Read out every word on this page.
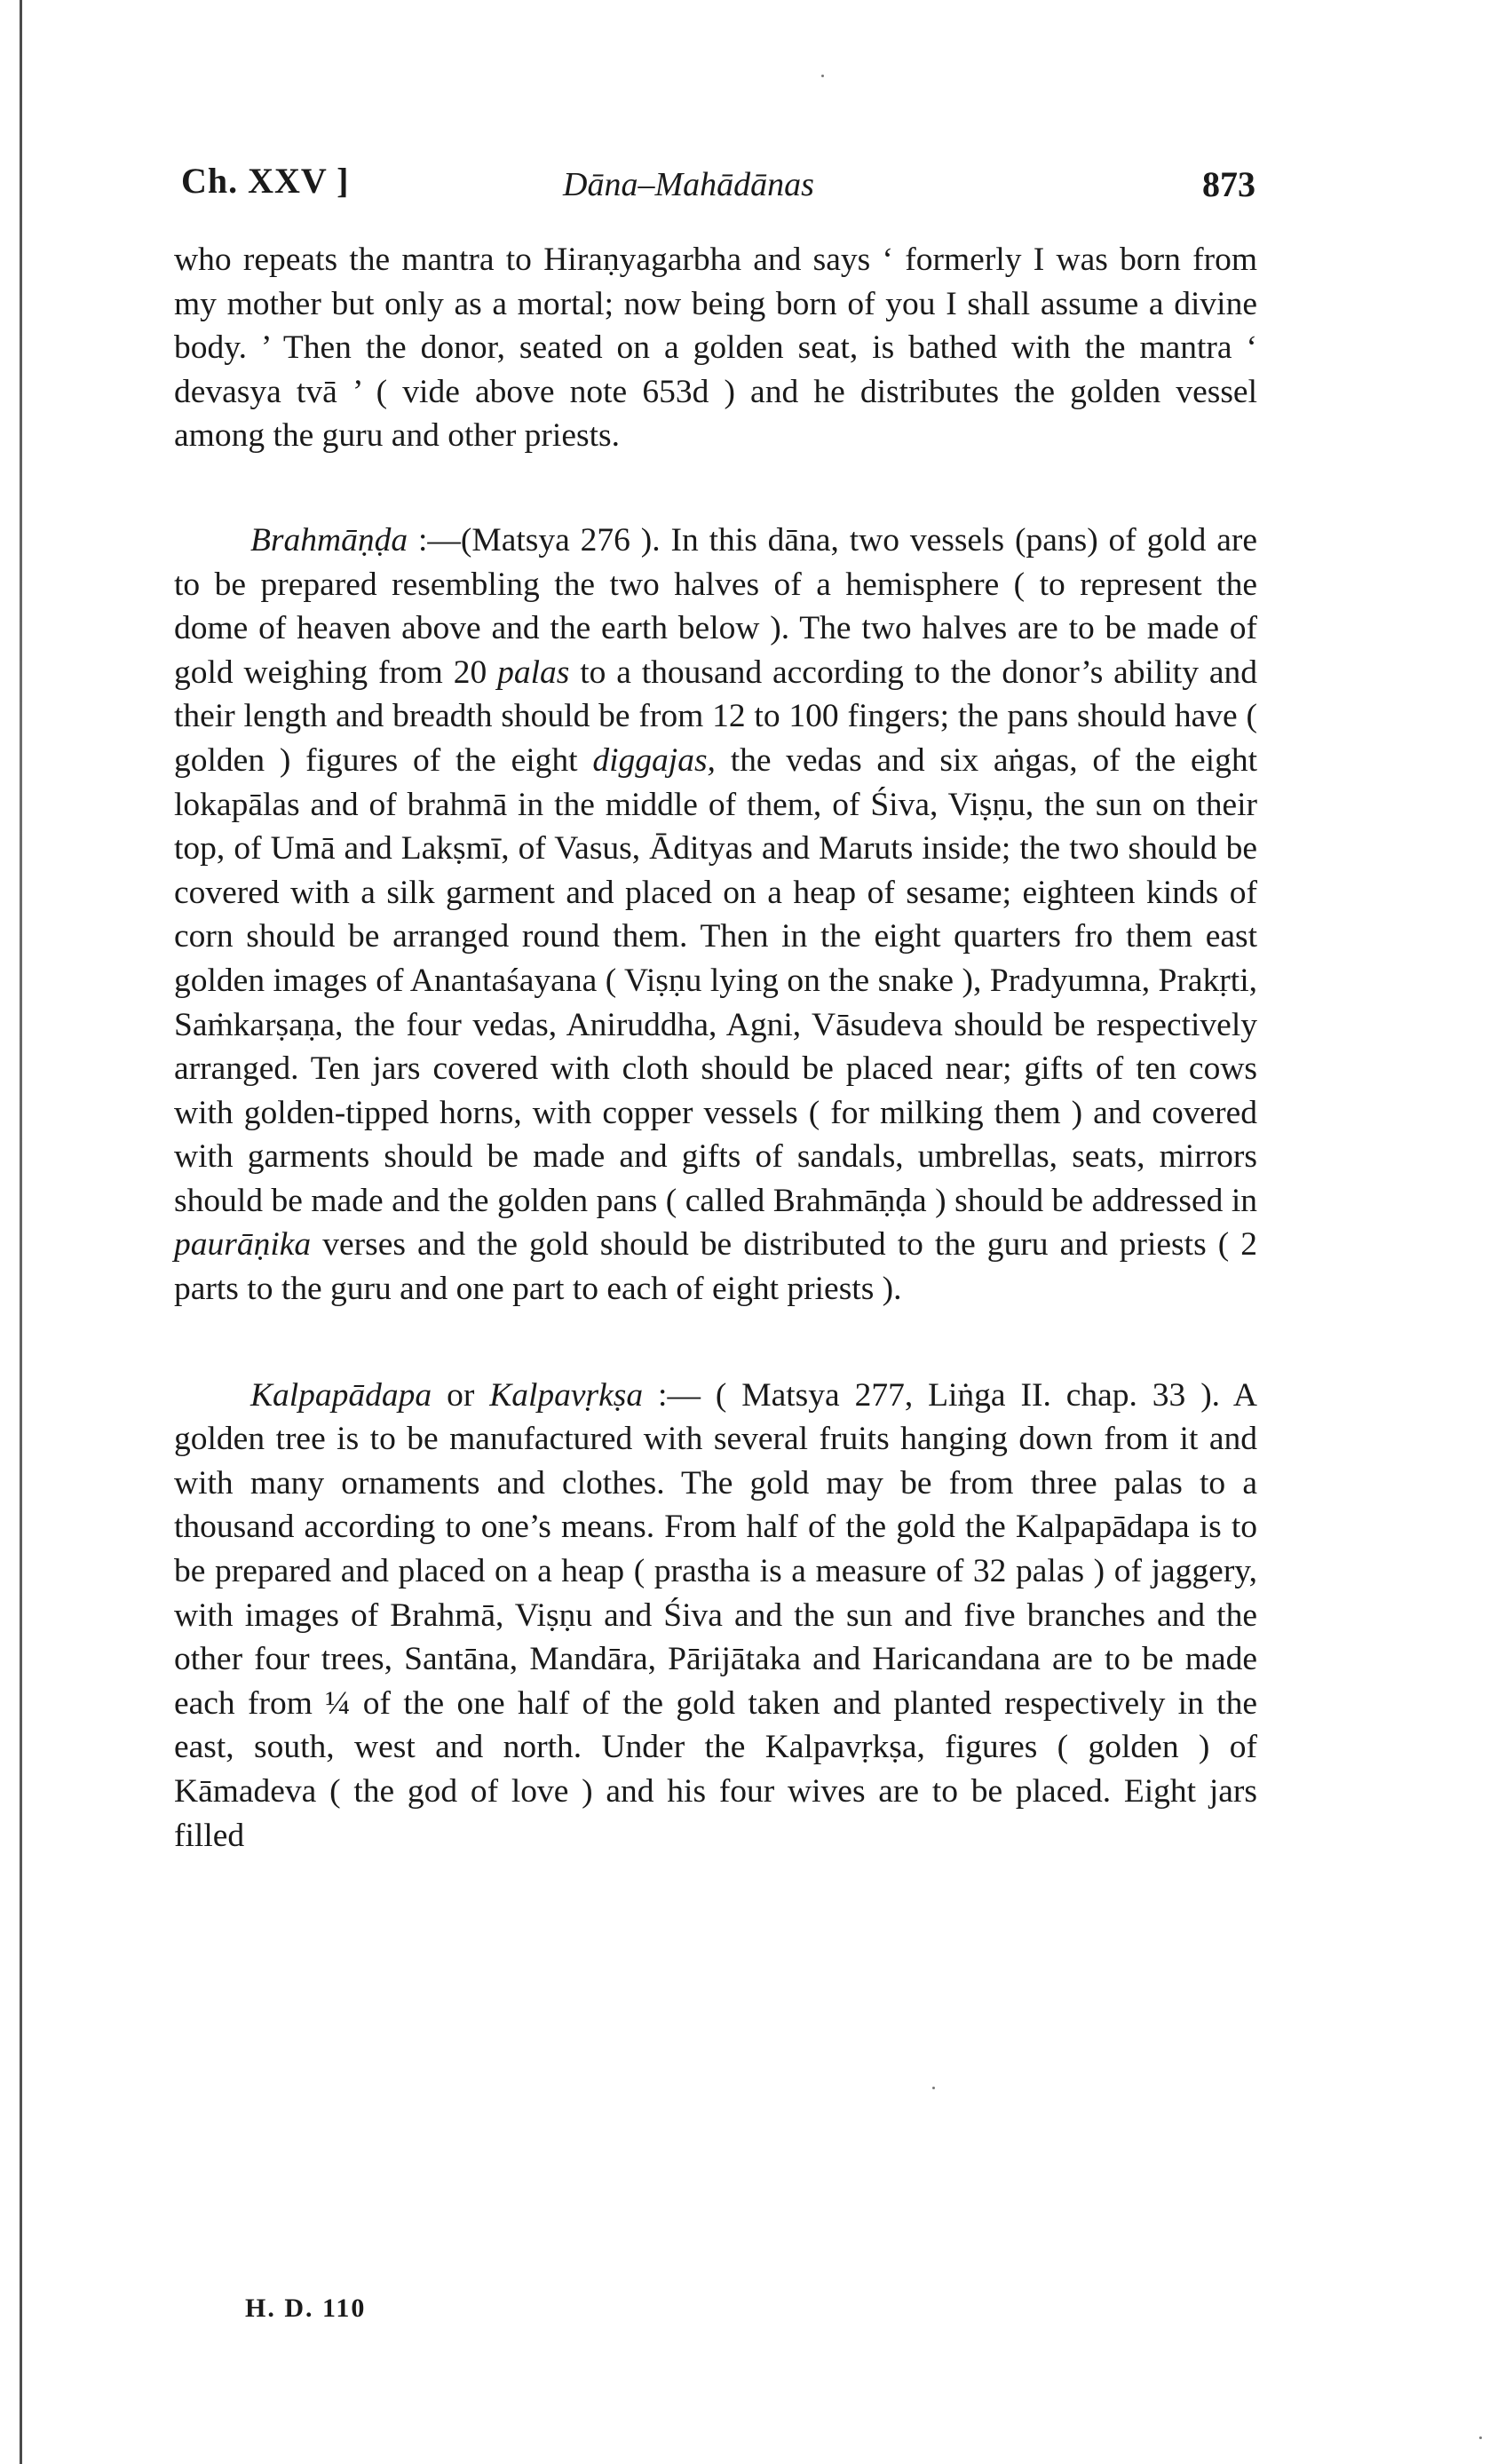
Ch. XXV ]	Dāna–Mahādānas	873

who repeats the mantra to Hiraṇyagarbha and says ‘ formerly I was born from my mother but only as a mortal; now being born of you I shall assume a divine body. ’ Then the donor, seated on a golden seat, is bathed with the mantra ‘ devasya tvā ’ ( vide above note 653d ) and he distributes the golden vessel among the guru and other priests.

Brahmāṇḍa :—(Matsya 276 ). In this dāna, two vessels (pans) of gold are to be prepared resembling the two halves of a hemisphere ( to represent the dome of heaven above and the earth below ). The two halves are to be made of gold weighing from 20 palas to a thousand according to the donor’s ability and their length and breadth should be from 12 to 100 fingers; the pans should have ( golden ) figures of the eight diggajas, the vedas and six aṅgas, of the eight lokapālas and of brahmā in the middle of them, of Śiva, Viṣṇu, the sun on their top, of Umā and Lakṣmī, of Vasus, Ādityas and Maruts inside; the two should be covered with a silk garment and placed on a heap of sesame; eighteen kinds of corn should be arranged round them. Then in the eight quarters fro them east golden images of Anantaśayana ( Viṣṇu lying on the snake ), Pradyumna, Prakṛti, Saṁkarṣaṇa, the four vedas, Aniruddha, Agni, Vāsudeva should be respectively arranged. Ten jars covered with cloth should be placed near; gifts of ten cows with golden-tipped horns, with copper vessels ( for milking them ) and covered with garments should be made and gifts of sandals, umbrellas, seats, mirrors should be made and the golden pans ( called Brahmāṇḍa ) should be addressed in paurāṇika verses and the gold should be distributed to the guru and priests ( 2 parts to the guru and one part to each of eight priests ).

Kalpapādapa or Kalpavṛkṣa :— ( Matsya 277, Liṅga II. chap. 33 ). A golden tree is to be manufactured with several fruits hanging down from it and with many ornaments and clothes. The gold may be from three palas to a thousand according to one’s means. From half of the gold the Kalpapādapa is to be prepared and placed on a heap ( prastha is a measure of 32 palas ) of jaggery, with images of Brahmā, Viṣṇu and Śiva and the sun and five branches and the other four trees, Santāna, Mandāra, Pārijātaka and Haricandana are to be made each from ¼ of the one half of the gold taken and planted respectively in the east, south, west and north. Under the Kalpavṛkṣa, figures ( golden ) of Kāmadeva ( the god of love ) and his four wives are to be placed. Eight jars filled

H. D. 110
